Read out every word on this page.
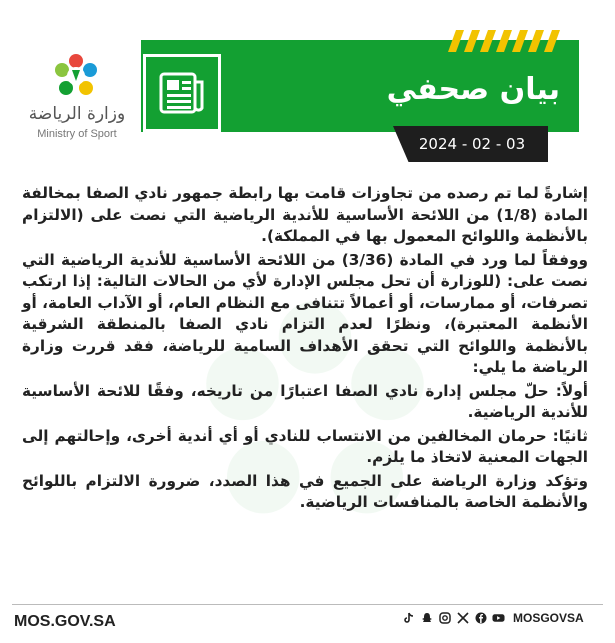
وزارة الرياضة
Ministry of Sport
بيان صحفي
2024 - 02 - 03

إشارةً لما تم رصده من تجاوزات قامت بها رابطة جمهور نادي الصفا بمخالفة المادة (1/8) من اللائحة الأساسية للأندية الرياضية التي نصت على (الالتزام بالأنظمة واللوائح المعمول بها في المملكة).

ووفقاً لما ورد في المادة (3/36) من اللائحة الأساسية للأندية الرياضية التي نصت على: (للوزارة أن تحل مجلس الإدارة لأي من الحالات التالية: إذا ارتكب تصرفات، أو ممارسات، أو أعمالاً تتنافى مع النظام العام، أو الآداب العامة، أو الأنظمة المعتبرة)، ونظرًا لعدم التزام نادي الصفا بالمنطقة الشرقية بالأنظمة واللوائح التي تحقق الأهداف السامية للرياضة، فقد قررت وزارة الرياضة ما يلي:

أولاً: حلّ مجلس إدارة نادي الصفا اعتبارًا من تاريخه، وفقًا للائحة الأساسية للأندية الرياضية.

ثانيًا: حرمان المخالفين من الانتساب للنادي أو أي أندية أخرى، وإحالتهم إلى الجهات المعنية لاتخاذ ما يلزم.

وتؤكد وزارة الرياضة على الجميع في هذا الصدد، ضرورة الالتزام باللوائح والأنظمة الخاصة بالمنافسات الرياضية.

MOS.GOV.SA	MOSGOVSA
